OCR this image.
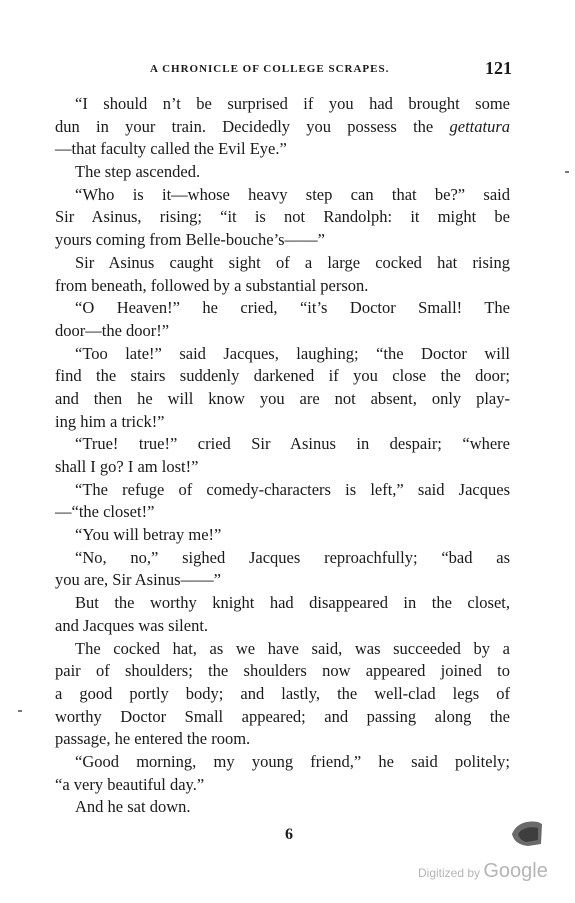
A CHRONICLE OF COLLEGE SCRAPES.	121
“I should n’t be surprised if you had brought some
dun in your train. Decidedly you possess the gettatura
—that faculty called the Evil Eye.”
The step ascended.
“Who is it—whose heavy step can that be?” said
Sir Asinus, rising; “it is not Randolph: it might be
yours coming from Belle-bouche’s——”
Sir Asinus caught sight of a large cocked hat rising
from beneath, followed by a substantial person.
“O Heaven!” he cried, “it’s Doctor Small! The
door—the door!”
“Too late!” said Jacques, laughing; “the Doctor will
find the stairs suddenly darkened if you close the door;
and then he will know you are not absent, only play-
ing him a trick!”
“True! true!” cried Sir Asinus in despair; “where
shall I go? I am lost!”
“The refuge of comedy-characters is left,” said Jacques
—“the closet!”
“You will betray me!”
“No, no,” sighed Jacques reproachfully; “bad as
you are, Sir Asinus——”
But the worthy knight had disappeared in the closet,
and Jacques was silent.
The cocked hat, as we have said, was succeeded by a
pair of shoulders; the shoulders now appeared joined to
a good portly body; and lastly, the well-clad legs of
worthy Doctor Small appeared; and passing along the
passage, he entered the room.
“Good morning, my young friend,” he said politely;
“a very beautiful day.”
And he sat down.
6
Digitized by Google
